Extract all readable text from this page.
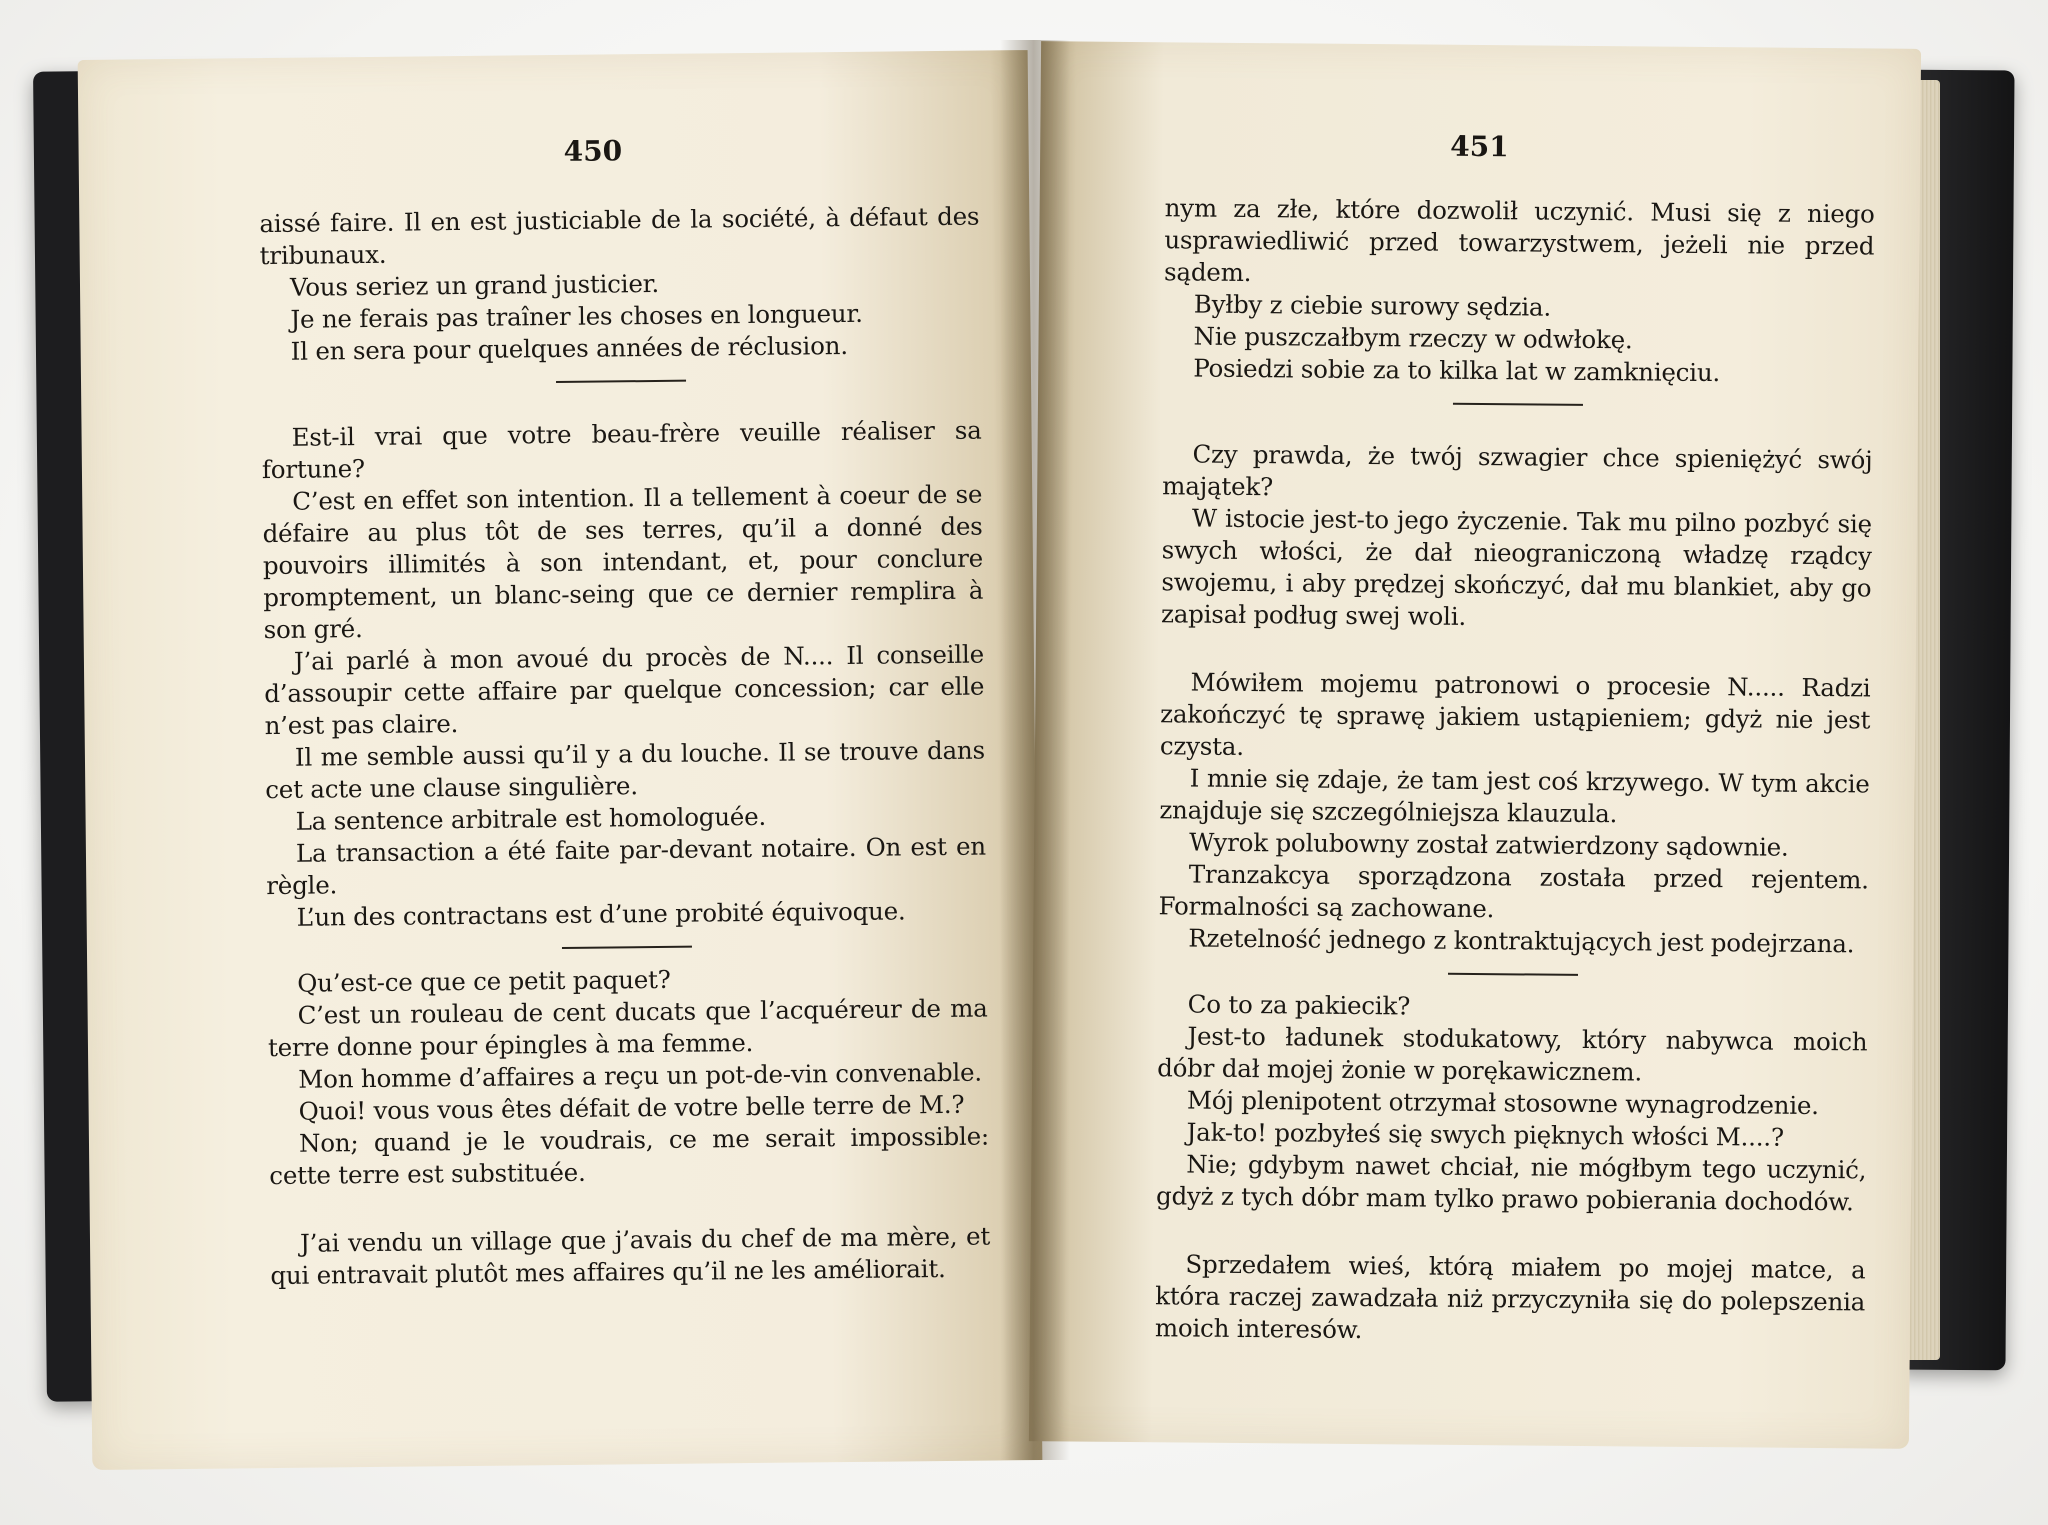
450

aissé faire. Il en est justiciable de la société, à défaut des tribunaux.

Vous seriez un grand justicier.

Je ne ferais pas traîner les choses en longueur.

Il en sera pour quelques années de réclusion.

Est-il vrai que votre beau-frère veuille réaliser sa fortune?

C’est en effet son intention. Il a tellement à coeur de se défaire au plus tôt de ses terres, qu’il a donné des pouvoirs illimités à son intendant, et, pour conclure promptement, un blanc-seing que ce dernier remplira à son gré.

J’ai parlé à mon avoué du procès de N.... Il conseille d’assoupir cette affaire par quelque concession; car elle n’est pas claire.

Il me semble aussi qu’il y a du louche. Il se trouve dans cet acte une clause singulière.

La sentence arbitrale est homologuée.

La transaction a été faite par-devant notaire. On est en règle.

L’un des contractans est d’une probité équivoque.

Qu’est-ce que ce petit paquet?

C’est un rouleau de cent ducats que l’acquéreur de ma terre donne pour épingles à ma femme.

Mon homme d’affaires a reçu un pot-de-vin convenable.

Quoi! vous vous êtes défait de votre belle terre de M.?

Non; quand je le voudrais, ce me serait impossible: cette terre est substituée.

J’ai vendu un village que j’avais du chef de ma mère, et qui entravait plutôt mes affaires qu’il ne les améliorait.

451

nym za złe, które dozwolił uczynić. Musi się z niego usprawiedliwić przed towarzystwem, jeżeli nie przed sądem.

Byłby z ciebie surowy sędzia.

Nie puszczałbym rzeczy w odwłokę.

Posiedzi sobie za to kilka lat w zamknięciu.

Czy prawda, że twój szwagier chce spieniężyć swój majątek?

W istocie jest-to jego życzenie. Tak mu pilno pozbyć się swych włości, że dał nieograniczoną władzę rządcy swojemu, i aby prędzej skończyć, dał mu blankiet, aby go zapisał podług swej woli.

Mówiłem mojemu patronowi o procesie N..... Radzi zakończyć tę sprawę jakiem ustąpieniem; gdyż nie jest czysta.

I mnie się zdaje, że tam jest coś krzywego. W tym akcie znajduje się szczególniejsza klauzula.

Wyrok polubowny został zatwierdzony sądownie.

Tranzakcya sporządzona została przed rejentem. Formalności są zachowane.

Rzetelność jednego z kontraktujących jest podejrzana.

Co to za pakiecik?

Jest-to ładunek stodukatowy, który nabywca moich dóbr dał mojej żonie w porękawicznem.

Mój plenipotent otrzymał stosowne wynagrodzenie.

Jak-to! pozbyłeś się swych pięknych włości M....?

Nie; gdybym nawet chciał, nie mógłbym tego uczynić, gdyż z tych dóbr mam tylko prawo pobierania dochodów.

Sprzedałem wieś, którą miałem po mojej matce, a która raczej zawadzała niż przyczyniła się do polepszenia moich interesów.
